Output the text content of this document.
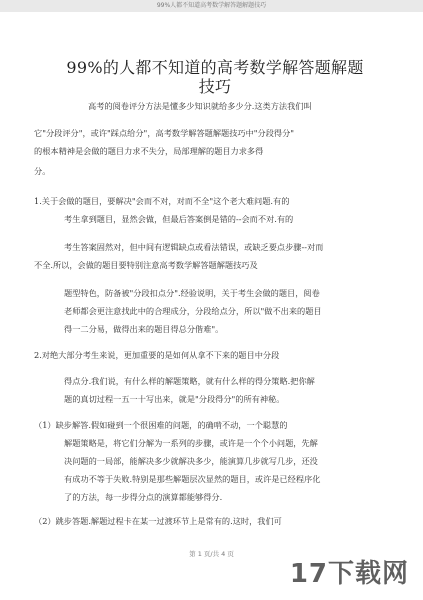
99%人都不知道高考数学解答题解题技巧
99%的人都不知道的高考数学解答题解题
技巧
高考的阅卷评分方法是懂多少知识就给多少分.这类方法我们叫
它"分段评分"，或许"踩点给分"，高考数学解答题解题技巧中"分段得分"
的根本精神是会做的题目力求不失分，局部理解的题目力求多得
分。
1.关于会做的题目，要解决"会而不对，对而不全"这个老大难问题.有的
考生拿到题目，显然会做，但最后答案倒是错的--会而不对.有的
考生答案固然对，但中间有逻辑缺点或看法错误，或缺乏要点步骤--对而
不全.所以，会做的题目要特别注意高考数学解答题解题技巧及
题型特色，防备被"分段扣点分".经验说明，关于考生会做的题目，阅卷
老师都会更注意找此中的合理成分，分段给点分，所以"做不出来的题目
得一二分易，做得出来的题目得总分偕难"。
2.对绝大部分考生来说，更加重要的是如何从拿不下来的题目中分段
得点分.我们说，有什么样的解题策略，就有什么样的得分策略.把你解
题的真切过程一五一十写出来，就是"分段得分"的所有神秘。
（1）缺步解答.假如碰到一个很困难的问题，的确啃不动，一个聪慧的
解题策略是，将它们分解为一系列的步骤，或许是一个个小问题，先解
决问题的一局部，能解决多少就解决多少，能演算几步就写几步，还没
有成功不等于失败.特别是那些解题层次显然的题目，或许是已经程序化
了的方法，每一步得分点的演算都能够得分.
（2）跳步答题.解题过程卡在某一过渡环节上是常有的.这时，我们可
第 1 页/共 4 页
17下载网
